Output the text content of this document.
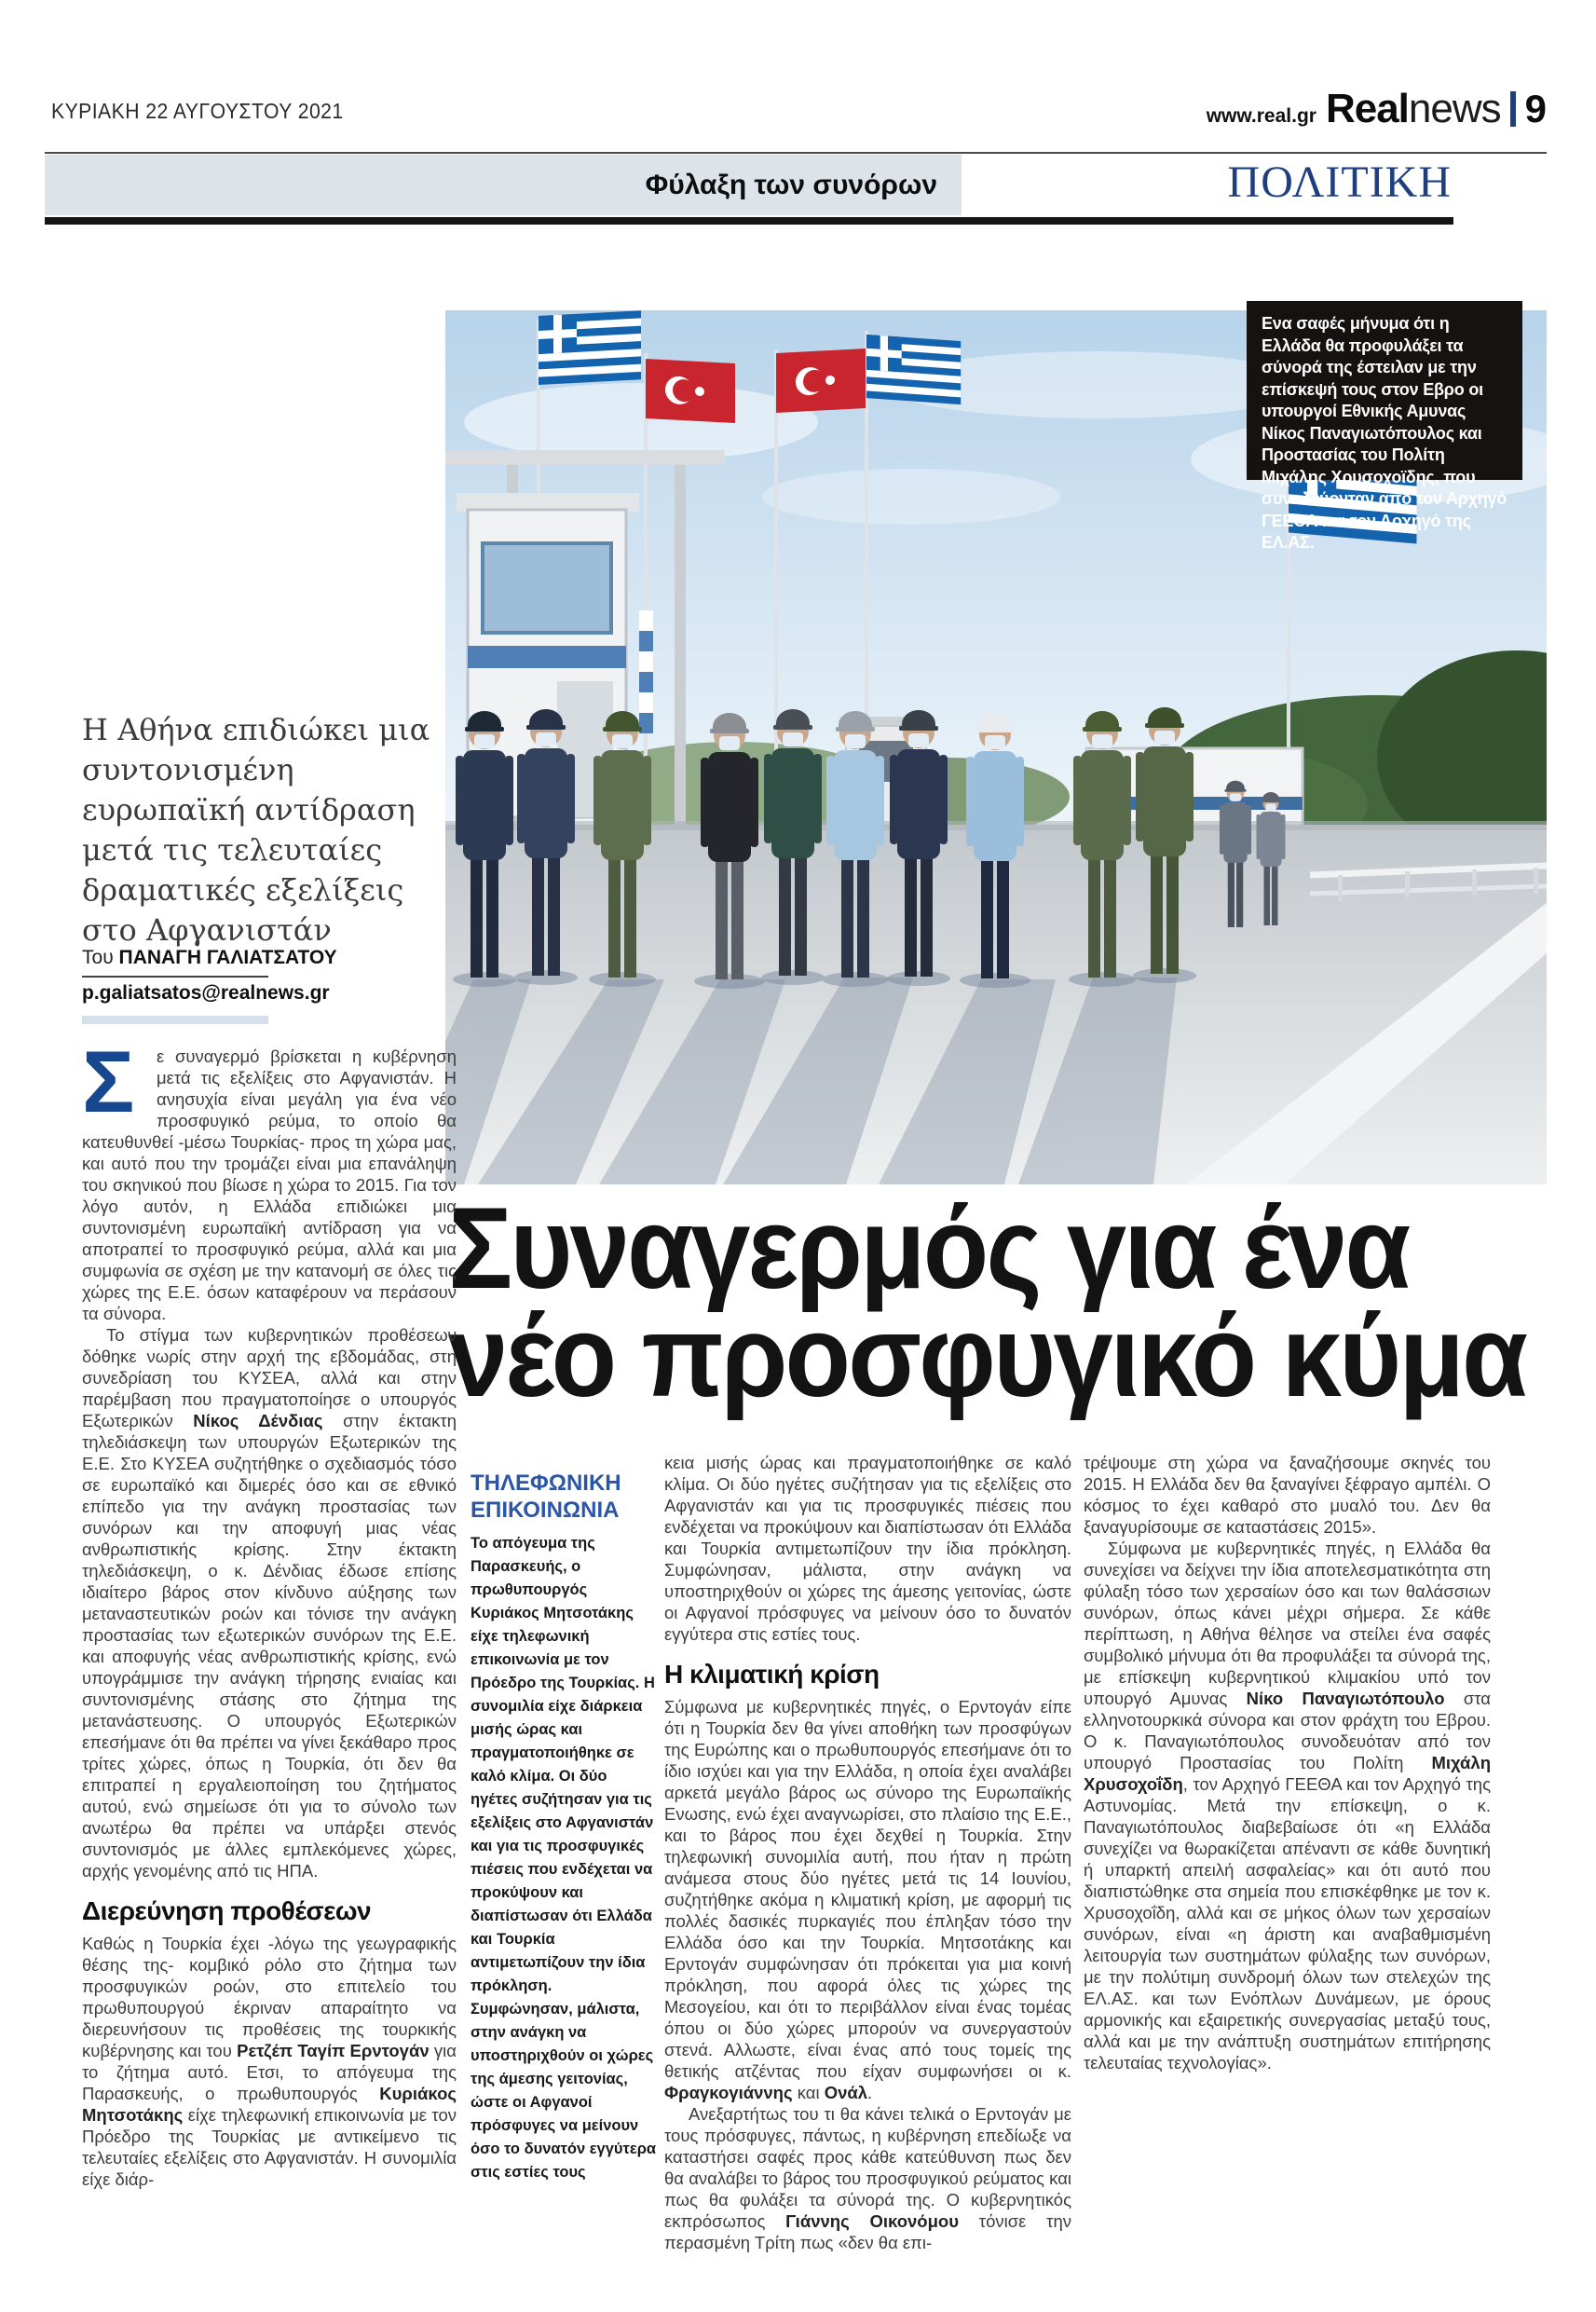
ΚΥΡΙΑΚΗ 22 ΑΥΓΟΥΣΤΟΥ 2021	www.real.gr Realnews 9
Φύλαξη των συνόρων	ΠΟΛΙΤΙΚΗ
Ενα σαφές μήνυμα ότι η Ελλάδα θα προφυλάξει τα σύνορά της έστειλαν με την επίσκεψή τους στον Εβρο οι υπουργοί Εθνικής Αμυνας Νίκος Παναγιωτόπουλος και Προστασίας του Πολίτη Μιχάλης Χρυσοχοϊδης, που συνοδεύονταν από τον Αρχηγό ΓΕΕΘΑ και τον Αρχηγό της ΕΛ.ΑΣ.
Η Αθήνα επιδιώκει μια συντονισμένη ευρωπαϊκή αντίδραση μετά τις τελευταίες δραματικές εξελίξεις στο Αφγανιστάν
Του ΠΑΝΑΓΗ ΓΑΛΙΑΤΣΑΤΟΥ
p.galiatsatos@realnews.gr
Συναγερμός για ένα
νέο προσφυγικό κύμα

Σ	ε συναγερμό βρίσκεται η κυβέρνηση μετά τις εξελίξεις στο Αφγανιστάν. Η ανησυχία είναι μεγάλη για ένα νέο προσφυγικό ρεύμα, το οποίο θα κατευθυνθεί -μέσω Τουρκίας- προς τη χώρα μας, και αυτό που την τρομάζει είναι μια επανάληψη του σκηνικού που βίωσε η χώρα το 2015. Για τον λόγο αυτόν, η Ελλάδα επιδιώκει μια συντονισμένη ευρωπαϊκή αντίδραση για να αποτραπεί το προσφυγικό ρεύμα, αλλά και μια συμφωνία σε σχέση με την κατανομή σε όλες τις χώρες της Ε.Ε. όσων καταφέρουν να περάσουν τα σύνορα.

Το στίγμα των κυβερνητικών προθέσεων δόθηκε νωρίς στην αρχή της εβδομάδας, στη συνεδρίαση του ΚΥΣΕΑ, αλλά και στην παρέμβαση που πραγματοποίησε ο υπουργός Εξωτερικών Νίκος Δένδιας στην έκτακτη τηλεδιάσκεψη των υπουργών Εξωτερικών της Ε.Ε. Στο ΚΥΣΕΑ συζητήθηκε ο σχεδιασμός τόσο σε ευρωπαϊκό και διμερές όσο και σε εθνικό επίπεδο για την ανάγκη προστασίας των συνόρων και την αποφυγή μιας νέας ανθρωπιστικής κρίσης. Στην έκτακτη τηλεδιάσκεψη, ο κ. Δένδιας έδωσε επίσης ιδιαίτερο βάρος στον κίνδυνο αύξησης των μεταναστευτικών ροών και τόνισε την ανάγκη προστασίας των εξωτερικών συνόρων της Ε.Ε. και αποφυγής νέας ανθρωπιστικής κρίσης, ενώ υπογράμμισε την ανάγκη τήρησης ενιαίας και συντονισμένης στάσης στο ζήτημα της μετανάστευσης. Ο υπουργός Εξωτερικών επεσήμανε ότι θα πρέπει να γίνει ξεκάθαρο προς τρίτες χώρες, όπως η Τουρκία, ότι δεν θα επιτραπεί η εργαλειοποίηση του ζητήματος αυτού, ενώ σημείωσε ότι για το σύνολο των ανωτέρω θα πρέπει να υπάρξει στενός συντονισμός με άλλες εμπλεκόμενες χώρες, αρχής γενομένης από τις ΗΠΑ.

Διερεύνηση προθέσεων

Καθώς η Τουρκία έχει -λόγω της γεωγραφικής θέσης της- κομβικό ρόλο στο ζήτημα των προσφυγικών ροών, στο επιτελείο του πρωθυπουργού έκριναν απαραίτητο να διερευνήσουν τις προθέσεις της τουρκικής κυβέρνησης και του Ρετζέπ Ταγίπ Ερντογάν για το ζήτημα αυτό. Ετσι, το απόγευμα της Παρασκευής, ο πρωθυπουργός Κυριάκος Μητσοτάκης είχε τηλεφωνική επικοινωνία με τον Πρόεδρο της Τουρκίας με αντικείμενο τις τελευταίες εξελίξεις στο Αφγανιστάν. Η συνομιλία είχε διάρ-

ΤΗΛΕΦΩΝΙΚΗ
ΕΠΙΚΟΙΝΩΝΙΑ
Το απόγευμα της Παρασκευής, ο πρωθυπουργός Κυριάκος Μητσοτάκης είχε τηλεφωνική επικοινωνία με τον Πρόεδρο της Τουρκίας. Η συνομιλία είχε διάρκεια μισής ώρας και πραγματοποιήθηκε σε καλό κλίμα. Οι δύο ηγέτες συζήτησαν για τις εξελίξεις στο Αφγανιστάν και για τις προσφυγικές πιέσεις που ενδέχεται να προκύψουν και διαπίστωσαν ότι Ελλάδα και Τουρκία αντιμετωπίζουν την ίδια πρόκληση. Συμφώνησαν, μάλιστα, στην ανάγκη να υποστηριχθούν οι χώρες της άμεσης γειτονίας, ώστε οι Αφγανοί πρόσφυγες να μείνουν όσο το δυνατόν εγγύτερα στις εστίες τους

κεια μισής ώρας και πραγματοποιήθηκε σε καλό κλίμα. Οι δύο ηγέτες συζήτησαν για τις εξελίξεις στο Αφγανιστάν και για τις προσφυγικές πιέσεις που ενδέχεται να προκύψουν και διαπίστωσαν ότι Ελλάδα και Τουρκία αντιμετωπίζουν την ίδια πρόκληση. Συμφώνησαν, μάλιστα, στην ανάγκη να υποστηριχθούν οι χώρες της άμεσης γειτονίας, ώστε οι Αφγανοί πρόσφυγες να μείνουν όσο το δυνατόν εγγύτερα στις εστίες τους.

Η κλιματική κρίση

Σύμφωνα με κυβερνητικές πηγές, ο Ερντογάν είπε ότι η Τουρκία δεν θα γίνει αποθήκη των προσφύγων της Ευρώπης και ο πρωθυπουργός επεσήμανε ότι το ίδιο ισχύει και για την Ελλάδα, η οποία έχει αναλάβει αρκετά μεγάλο βάρος ως σύνορο της Ευρωπαϊκής Ενωσης, ενώ έχει αναγνωρίσει, στο πλαίσιο της Ε.Ε., και το βάρος που έχει δεχθεί η Τουρκία. Στην τηλεφωνική συνομιλία αυτή, που ήταν η πρώτη ανάμεσα στους δύο ηγέτες μετά τις 14 Ιουνίου, συζητήθηκε ακόμα η κλιματική κρίση, με αφορμή τις πολλές δασικές πυρκαγιές που έπληξαν τόσο την Ελλάδα όσο και την Τουρκία. Μητσοτάκης και Ερντογάν συμφώνησαν ότι πρόκειται για μια κοινή πρόκληση, που αφορά όλες τις χώρες της Μεσογείου, και ότι το περιβάλλον είναι ένας τομέας όπου οι δύο χώρες μπορούν να συνεργαστούν στενά. Αλλωστε, είναι ένας από τους τομείς της θετικής ατζέντας που είχαν συμφωνήσει οι κ. Φραγκογιάννης και Ονάλ.

Ανεξαρτήτως του τι θα κάνει τελικά ο Ερντογάν με τους πρόσφυγες, πάντως, η κυβέρνηση επεδίωξε να καταστήσει σαφές προς κάθε κατεύθυνση πως δεν θα αναλάβει το βάρος του προσφυγικού ρεύματος και πως θα φυλάξει τα σύνορά της. Ο κυβερνητικός εκπρόσωπος Γιάννης Οικονόμου τόνισε την περασμένη Τρίτη πως «δεν θα επι-

τρέψουμε στη χώρα να ξαναζήσουμε σκηνές του 2015. Η Ελλάδα δεν θα ξαναγίνει ξέφραγο αμπέλι. Ο κόσμος το έχει καθαρό στο μυαλό του. Δεν θα ξαναγυρίσουμε σε καταστάσεις 2015».

Σύμφωνα με κυβερνητικές πηγές, η Ελλάδα θα συνεχίσει να δείχνει την ίδια αποτελεσματικότητα στη φύλαξη τόσο των χερσαίων όσο και των θαλάσσιων συνόρων, όπως κάνει μέχρι σήμερα. Σε κάθε περίπτωση, η Αθήνα θέλησε να στείλει ένα σαφές συμβολικό μήνυμα ότι θα προφυλάξει τα σύνορά της, με επίσκεψη κυβερνητικού κλιμακίου υπό τον υπουργό Αμυνας Νίκο Παναγιωτόπουλο στα ελληνοτουρκικά σύνορα και στον φράχτη του Εβρου. Ο κ. Παναγιωτόπουλος συνοδευόταν από τον υπουργό Προστασίας του Πολίτη Μιχάλη Χρυσοχοΐδη, τον Αρχηγό ΓΕΕΘΑ και τον Αρχηγό της Αστυνομίας. Μετά την επίσκεψη, ο κ. Παναγιωτόπουλος διαβεβαίωσε ότι «η Ελλάδα συνεχίζει να θωρακίζεται απέναντι σε κάθε δυνητική ή υπαρκτή απειλή ασφαλείας» και ότι αυτό που διαπιστώθηκε στα σημεία που επισκέφθηκε με τον κ. Χρυσοχοΐδη, αλλά και σε μήκος όλων των χερσαίων συνόρων, είναι «η άριστη και αναβαθμισμένη λειτουργία των συστημάτων φύλαξης των συνόρων, με την πολύτιμη συνδρομή όλων των στελεχών της ΕΛ.ΑΣ. και των Ενόπλων Δυνάμεων, με όρους αρμονικής και εξαιρετικής συνεργασίας μεταξύ τους, αλλά και με την ανάπτυξη συστημάτων επιτήρησης τελευταίας τεχνολογίας».
